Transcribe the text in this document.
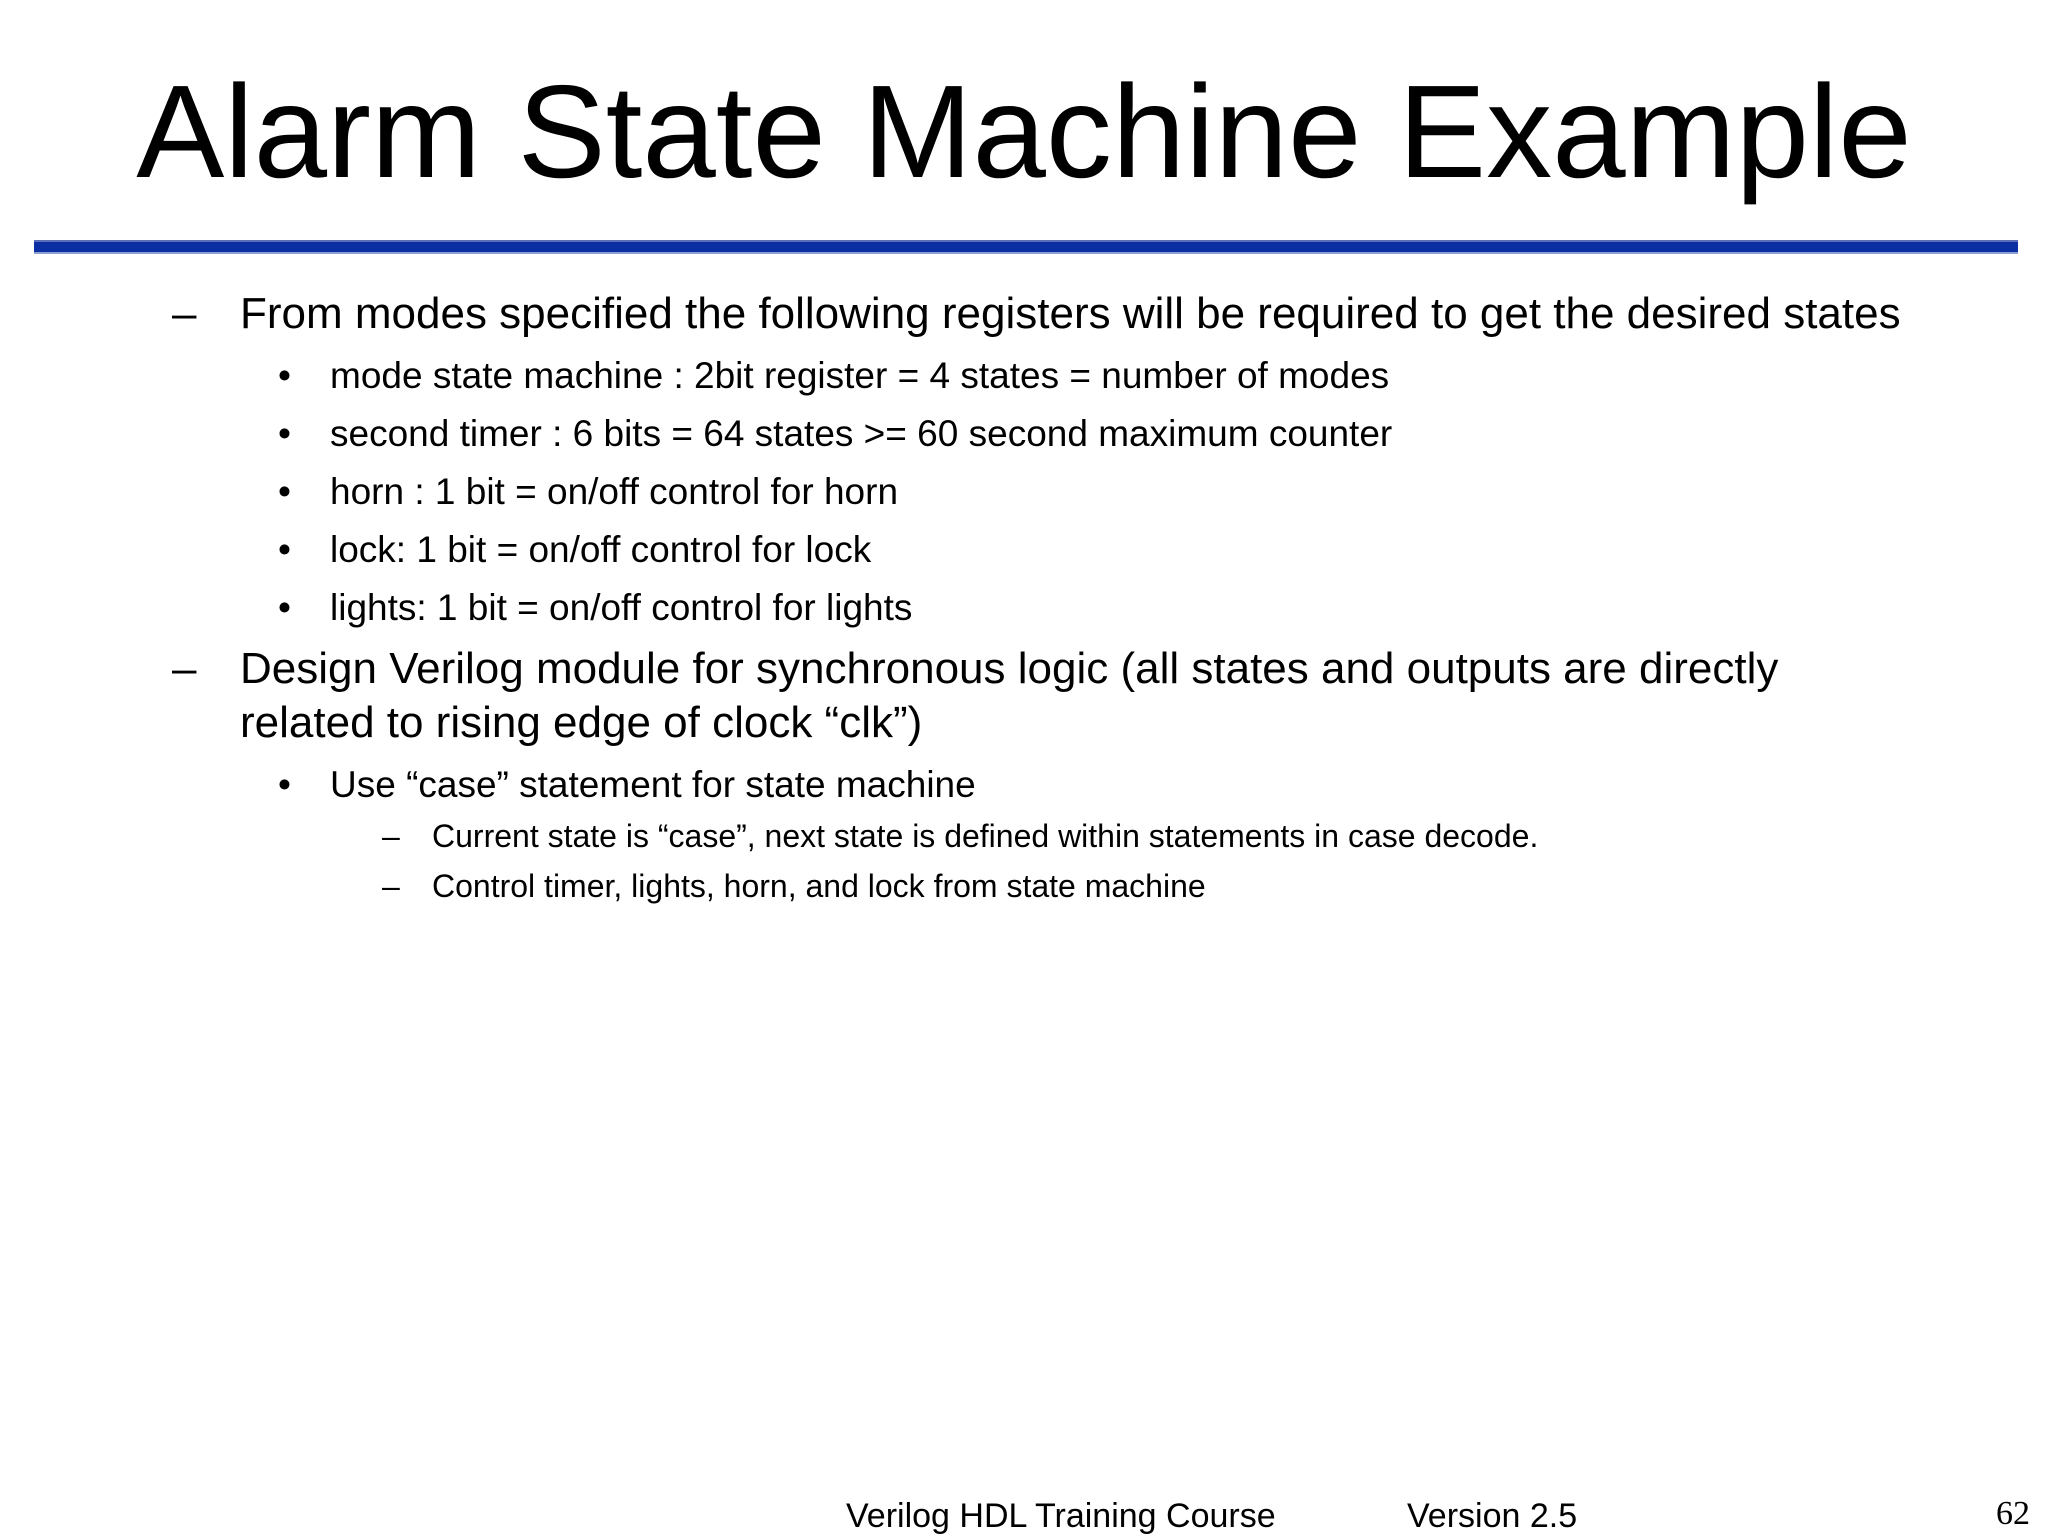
Alarm State Machine Example
– From modes specified the following registers will be required to get the desired states
• mode state machine : 2bit register = 4 states = number of modes
• second timer : 6 bits = 64 states >= 60 second maximum counter
• horn : 1 bit = on/off control for horn
• lock: 1 bit = on/off control for lock
• lights: 1 bit = on/off control for lights
– Design Verilog module for synchronous logic (all states and outputs are directly
related to rising edge of clock “clk”)
• Use “case” statement for state machine
– Current state is “case”, next state is defined within statements in case decode.
– Control timer, lights, horn, and lock from state machine
Verilog HDL Training Course	Version 2.5	62
